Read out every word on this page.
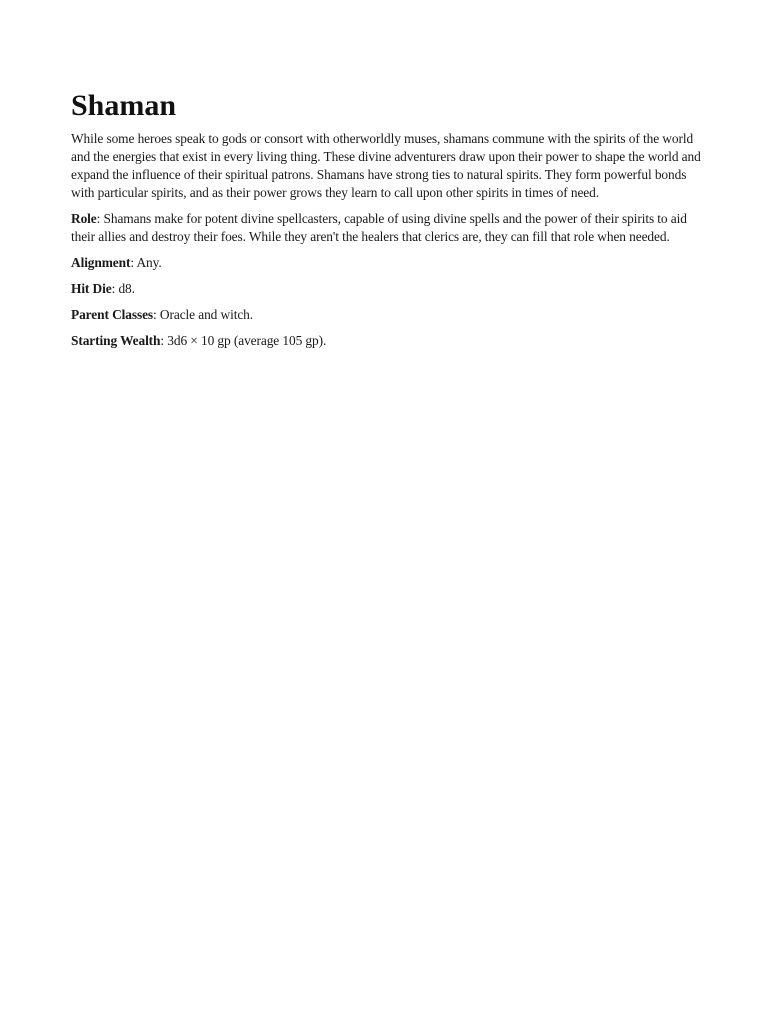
Shaman

While some heroes speak to gods or consort with otherworldly muses, shamans commune with the spirits of the world and the energies that exist in every living thing. These divine adventurers draw upon their power to shape the world and expand the influence of their spiritual patrons. Shamans have strong ties to natural spirits. They form powerful bonds with particular spirits, and as their power grows they learn to call upon other spirits in times of need.

Role: Shamans make for potent divine spellcasters, capable of using divine spells and the power of their spirits to aid their allies and destroy their foes. While they aren't the healers that clerics are, they can fill that role when needed.

Alignment: Any.

Hit Die: d8.

Parent Classes: Oracle and witch.

Starting Wealth: 3d6 × 10 gp (average 105 gp).
